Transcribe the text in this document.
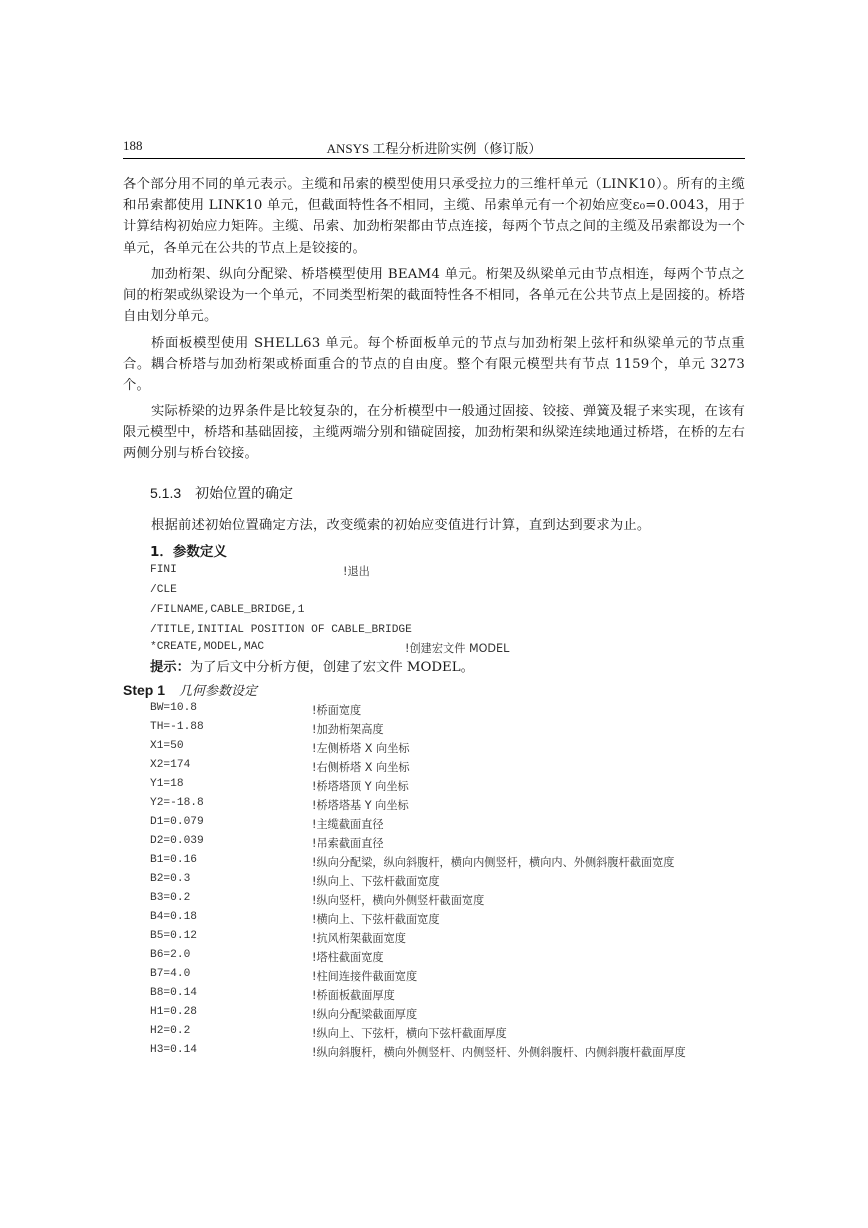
188	ANSYS 工程分析进阶实例（修订版）

各个部分用不同的单元表示。主缆和吊索的模型使用只承受拉力的三维杆单元（LINK10）。所有的主缆和吊索都使用 LINK10 单元，但截面特性各不相同，主缆、吊索单元有一个初始应变ε₀=0.0043，用于计算结构初始应力矩阵。主缆、吊索、加劲桁架都由节点连接，每两个节点之间的主缆及吊索都设为一个单元，各单元在公共的节点上是铰接的。

加劲桁架、纵向分配梁、桥塔模型使用 BEAM4 单元。桁架及纵梁单元由节点相连，每两个节点之间的桁架或纵梁设为一个单元，不同类型桁架的截面特性各不相同，各单元在公共节点上是固接的。桥塔自由划分单元。

桥面板模型使用 SHELL63 单元。每个桥面板单元的节点与加劲桁架上弦杆和纵梁单元的节点重合。耦合桥塔与加劲桁架或桥面重合的节点的自由度。整个有限元模型共有节点 1159个，单元 3273 个。

实际桥梁的边界条件是比较复杂的，在分析模型中一般通过固接、铰接、弹簧及辊子来实现，在该有限元模型中，桥塔和基础固接，主缆两端分别和锚碇固接，加劲桁架和纵梁连续地通过桥塔，在桥的左右两侧分别与桥台铰接。

5.1.3 初始位置的确定

根据前述初始位置确定方法，改变缆索的初始应变值进行计算，直到达到要求为止。

1．参数定义
FINI	!退出
/CLE
/FILNAME,CABLE_BRIDGE,1
/TITLE,INITIAL POSITION OF CABLE_BRIDGE
*CREATE,MODEL,MAC	!创建宏文件 MODEL
提示：为了后文中分析方便，创建了宏文件 MODEL。
Step 1 几何参数设定
BW=10.8	!桥面宽度
TH=-1.88	!加劲桁架高度
X1=50	!左侧桥塔 X 向坐标
X2=174	!右侧桥塔 X 向坐标
Y1=18	!桥塔塔顶 Y 向坐标
Y2=-18.8	!桥塔塔基 Y 向坐标
D1=0.079	!主缆截面直径
D2=0.039	!吊索截面直径
B1=0.16	!纵向分配梁，纵向斜腹杆，横向内侧竖杆，横向内、外侧斜腹杆截面宽度
B2=0.3	!纵向上、下弦杆截面宽度
B3=0.2	!纵向竖杆，横向外侧竖杆截面宽度
B4=0.18	!横向上、下弦杆截面宽度
B5=0.12	!抗风桁架截面宽度
B6=2.0	!塔柱截面宽度
B7=4.0	!柱间连接件截面宽度
B8=0.14	!桥面板截面厚度
H1=0.28	!纵向分配梁截面厚度
H2=0.2	!纵向上、下弦杆，横向下弦杆截面厚度
H3=0.14	!纵向斜腹杆，横向外侧竖杆、内侧竖杆、外侧斜腹杆、内侧斜腹杆截面厚度
